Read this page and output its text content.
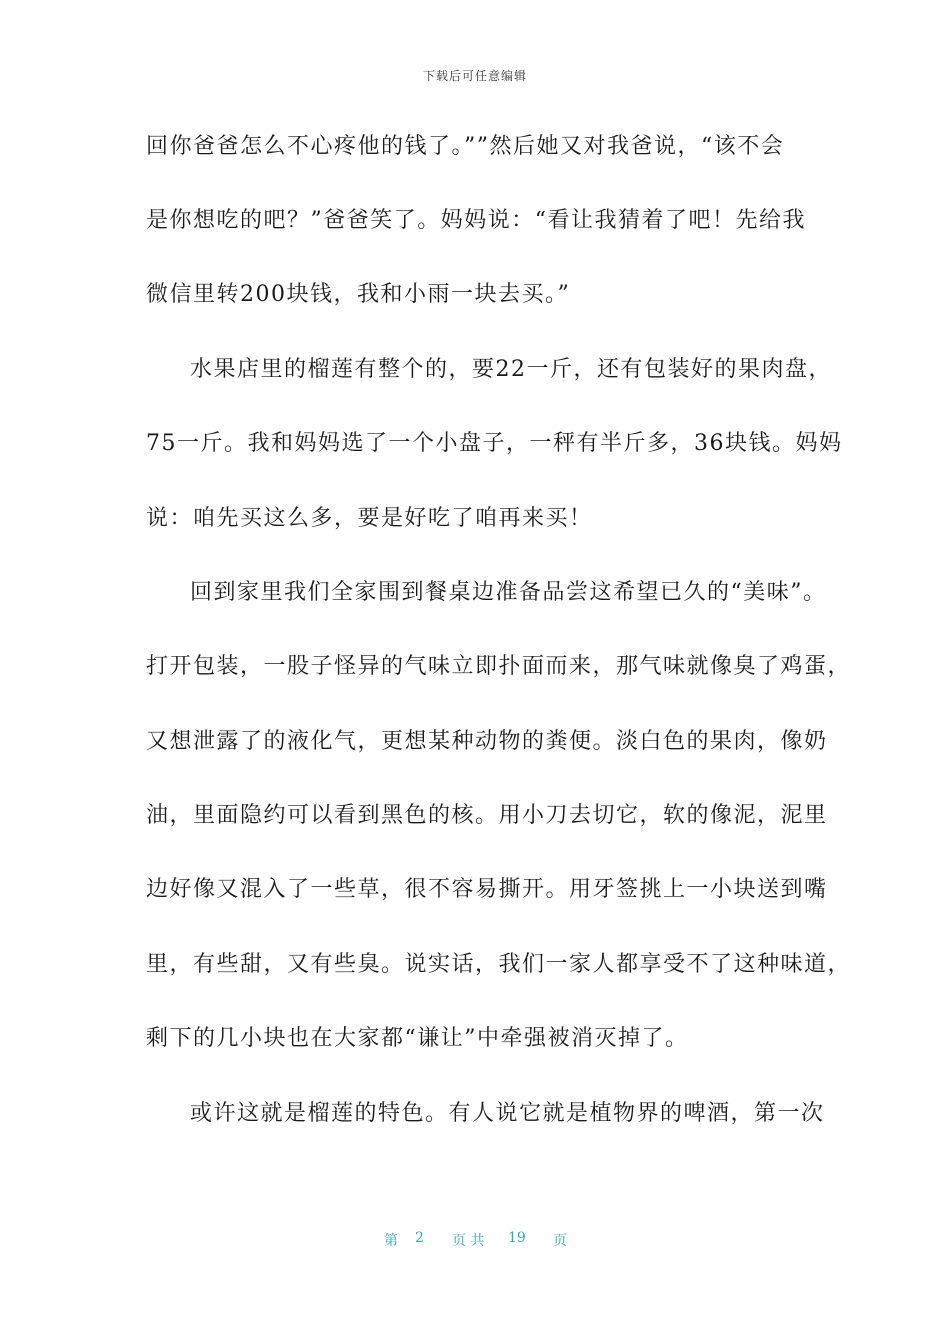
下载后可任意编辑
回你爸爸怎么不心疼他的钱了。””然后她又对我爸说，“该不会
是你想吃的吧？”爸爸笑了。妈妈说：“看让我猜着了吧！先给我
微信里转200块钱，我和小雨一块去买。”
水果店里的榴莲有整个的，要22一斤，还有包装好的果肉盘，
75一斤。我和妈妈选了一个小盘子，一秤有半斤多，36块钱。妈妈
说：咱先买这么多，要是好吃了咱再来买！
回到家里我们全家围到餐桌边准备品尝这希望已久的“美味”。
打开包装，一股子怪异的气味立即扑面而来，那气味就像臭了鸡蛋，
又想泄露了的液化气，更想某种动物的粪便。淡白色的果肉，像奶
油，里面隐约可以看到黑色的核。用小刀去切它，软的像泥，泥里
边好像又混入了一些草，很不容易撕开。用牙签挑上一小块送到嘴
里，有些甜，又有些臭。说实话，我们一家人都享受不了这种味道，
剩下的几小块也在大家都“谦让”中牵强被消灭掉了。
或许这就是榴莲的特色。有人说它就是植物界的啤酒，第一次
第 2 页 共 19 页
